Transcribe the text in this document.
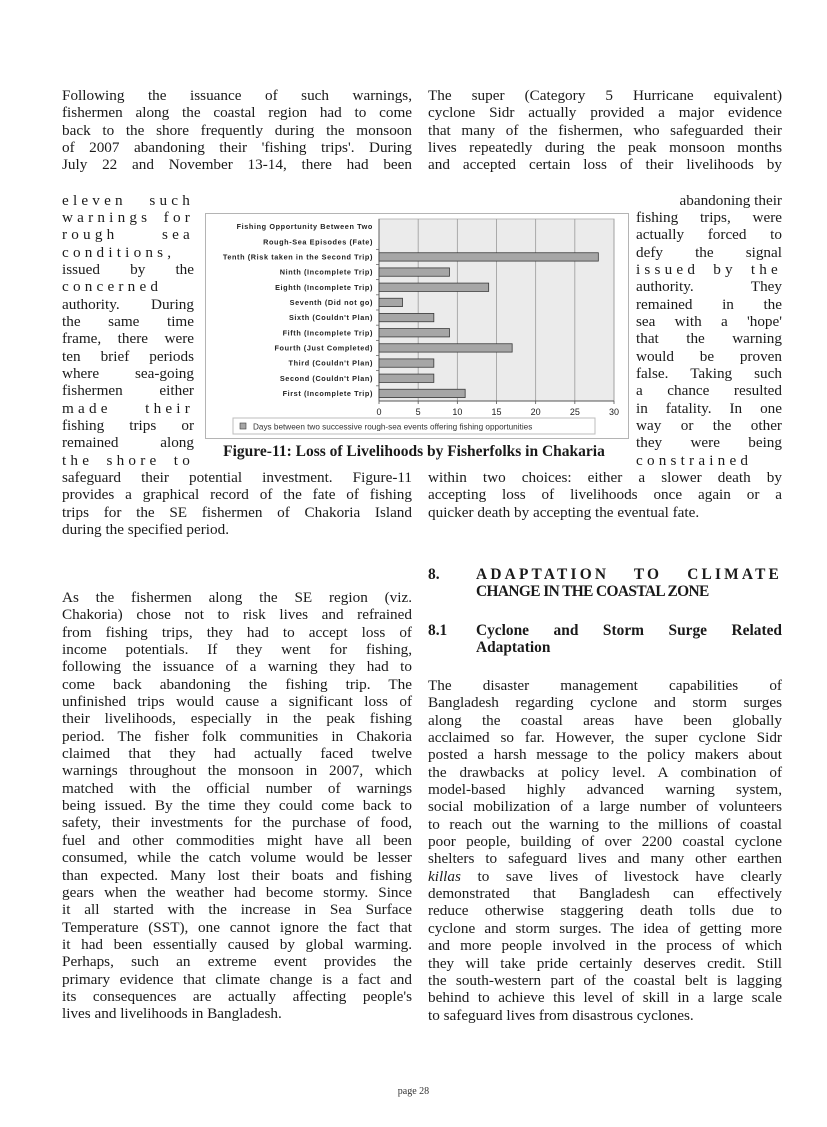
Following the issuance of such warnings,
fishermen along the coastal region had to come
back to the shore frequently during the monsoon
of 2007 abandoning their 'fishing trips'. During
July 22 and November 13-14, there had been
eleven such
warnings for
rough sea
conditions,
issued by the
concerned
authority. During
the same time
frame, there were
ten brief periods
where sea-going
fishermen either
made their
fishing trips or
remained along
the shore to
safeguard their potential investment. Figure-11
provides a graphical record of the fate of fishing
trips for the SE fishermen of Chakoria Island
during the specified period.
As the fishermen along the SE region (viz.
Chakoria) chose not to risk lives and refrained
from fishing trips, they had to accept loss of
income potentials. If they went for fishing,
following the issuance of a warning they had to
come back abandoning the fishing trip. The
unfinished trips would cause a significant loss of
their livelihoods, especially in the peak fishing
period. The fisher folk communities in Chakoria
claimed that they had actually faced twelve
warnings throughout the monsoon in 2007, which
matched with the official number of warnings
being issued. By the time they could come back to
safety, their investments for the purchase of food,
fuel and other commodities might have all been
consumed, while the catch volume would be lesser
than expected. Many lost their boats and fishing
gears when the weather had become stormy. Since
it all started with the increase in Sea Surface
Temperature (SST), one cannot ignore the fact that
it had been essentially caused by global warming.
Perhaps, such an extreme event provides the
primary evidence that climate change is a fact and
its consequences are actually affecting people's
lives and livelihoods in Bangladesh.
The super (Category 5 Hurricane equivalent)
cyclone Sidr actually provided a major evidence
that many of the fishermen, who safeguarded their
lives repeatedly during the peak monsoon months
and accepted certain loss of their livelihoods by
abandoning their
fishing trips, were
actually forced to
defy the signal
issued by the
authority. They
remained in the
sea with a 'hope'
that the warning
would be proven
false. Taking such
a chance resulted
in fatality. In one
way or the other
they were being
constrained
within two choices: either a slower death by
accepting loss of livelihoods once again or a
quicker death by accepting the eventual fate.
8. ADAPTATION TO CLIMATE
CHANGE IN THE COASTAL ZONE
8.1 Cyclone and Storm Surge Related
Adaptation
The disaster management capabilities of
Bangladesh regarding cyclone and storm surges
along the coastal areas have been globally
acclaimed so far. However, the super cyclone Sidr
posted a harsh message to the policy makers about
the drawbacks at policy level. A combination of
model-based highly advanced warning system,
social mobilization of a large number of volunteers
to reach out the warning to the millions of coastal
poor people, building of over 2200 coastal cyclone
shelters to safeguard lives and many other earthen
killas to save lives of livestock have clearly
demonstrated that Bangladesh can effectively
reduce otherwise staggering death tolls due to
cyclone and storm surges. The idea of getting more
and more people involved in the process of which
they will take pride certainly deserves credit. Still
the south-western part of the coastal belt is lagging
behind to achieve this level of skill in a large scale
to safeguard lives from disastrous cyclones.
0	5	10	15	20	25	30
Fishing Opportunity Between Two
Rough-Sea Episodes (Fate)
Tenth (Risk taken in the Second Trip)
Ninth (Incomplete Trip)
Eighth (Incomplete Trip)
Seventh (Did not go)
Sixth (Couldn't Plan)
Fifth (Incomplete Trip)
Fourth (Just Completed)
Third (Couldn't Plan)
Second (Couldn't Plan)
First (Incomplete Trip)
Days between two successive rough-sea events offering fishing opportunities
Figure-11: Loss of Livelihoods by Fisherfolks in Chakaria
page 28
